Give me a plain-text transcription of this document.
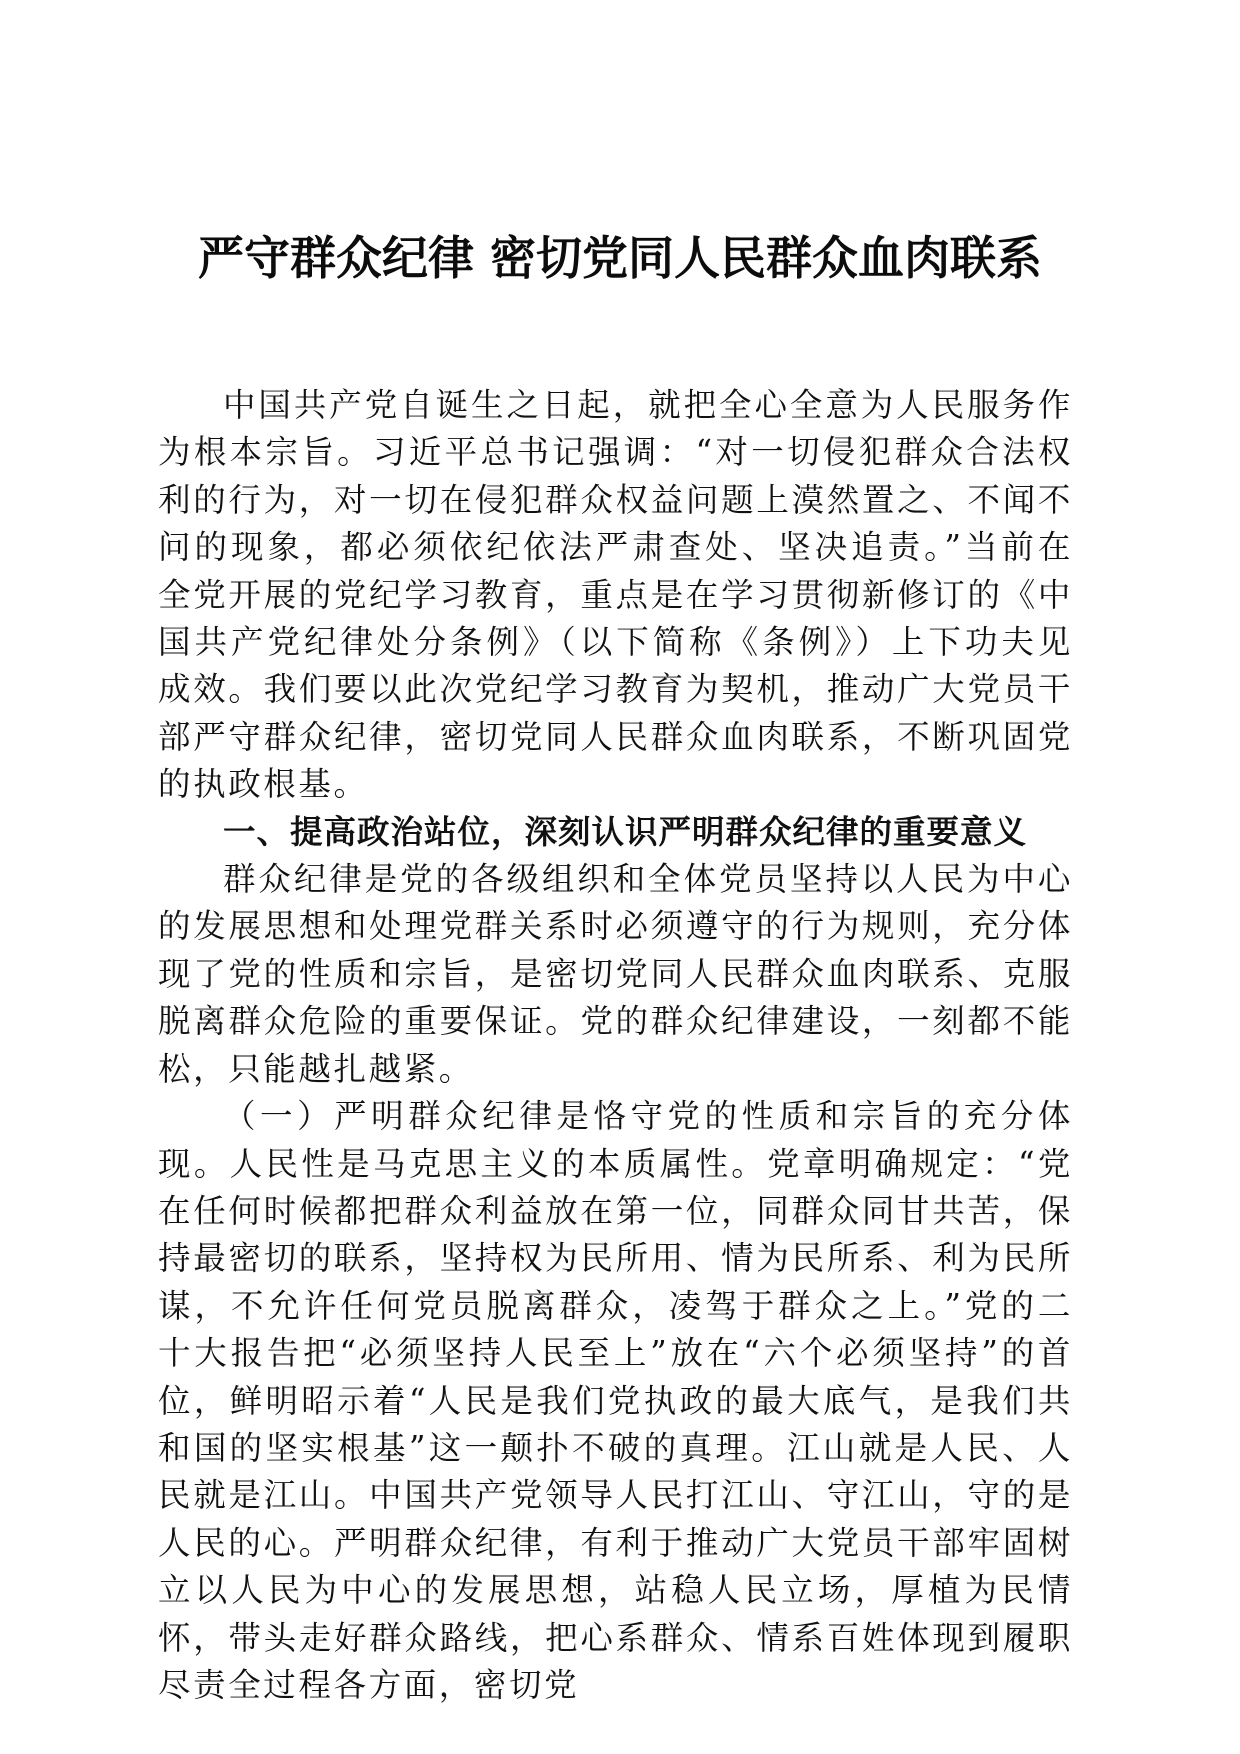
严守群众纪律 密切党同人民群众血肉联系

中国共产党自诞生之日起，就把全心全意为人民服务作为根本宗旨。习近平总书记强调：“对一切侵犯群众合法权利的行为，对一切在侵犯群众权益问题上漠然置之、不闻不问的现象，都必须依纪依法严肃查处、坚决追责。”当前在全党开展的党纪学习教育，重点是在学习贯彻新修订的《中国共产党纪律处分条例》（以下简称《条例》）上下功夫见成效。我们要以此次党纪学习教育为契机，推动广大党员干部严守群众纪律，密切党同人民群众血肉联系，不断巩固党的执政根基。

一、提高政治站位，深刻认识严明群众纪律的重要意义

群众纪律是党的各级组织和全体党员坚持以人民为中心的发展思想和处理党群关系时必须遵守的行为规则，充分体现了党的性质和宗旨，是密切党同人民群众血肉联系、克服脱离群众危险的重要保证。党的群众纪律建设，一刻都不能松，只能越扎越紧。

（一）严明群众纪律是恪守党的性质和宗旨的充分体现。人民性是马克思主义的本质属性。党章明确规定：“党在任何时候都把群众利益放在第一位，同群众同甘共苦，保持最密切的联系，坚持权为民所用、情为民所系、利为民所谋，不允许任何党员脱离群众，凌驾于群众之上。”党的二十大报告把“必须坚持人民至上”放在“六个必须坚持”的首位，鲜明昭示着“人民是我们党执政的最大底气，是我们共和国的坚实根基”这一颠扑不破的真理。江山就是人民、人民就是江山。中国共产党领导人民打江山、守江山，守的是人民的心。严明群众纪律，有利于推动广大党员干部牢固树立以人民为中心的发展思想，站稳人民立场，厚植为民情怀，带头走好群众路线，把心系群众、情系百姓体现到履职尽责全过程各方面，密切党
